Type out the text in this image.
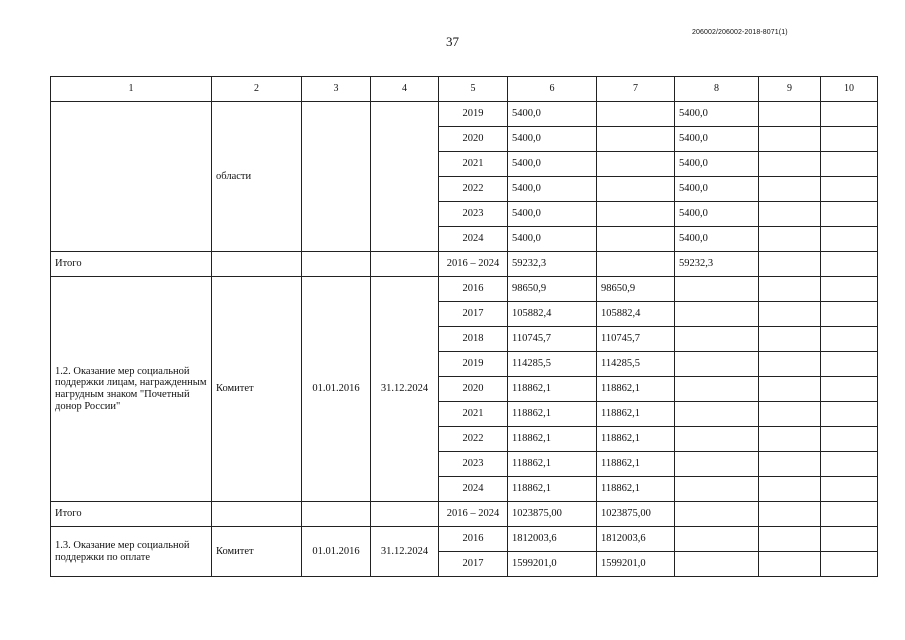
37
206002/206002-2018-8071(1)
1	2	3	4	5	6	7	8	9	10
	области			2019	5400,0		5400,0		
				2020	5400,0		5400,0		
				2021	5400,0		5400,0		
				2022	5400,0		5400,0		
				2023	5400,0		5400,0		
				2024	5400,0		5400,0		
Итого				2016 – 2024	59232,3		59232,3		
1.2. Оказание мер социальной поддержки лицам, награжденным нагрудным знаком "Почетный донор России"	Комитет	01.01.2016	31.12.2024	2016	98650,9	98650,9			
				2017	105882,4	105882,4			
				2018	110745,7	110745,7			
				2019	114285,5	114285,5			
				2020	118862,1	118862,1			
				2021	118862,1	118862,1			
				2022	118862,1	118862,1			
				2023	118862,1	118862,1			
				2024	118862,1	118862,1			
Итого				2016 – 2024	1023875,00	1023875,00			
1.3. Оказание мер социальной поддержки по оплате	Комитет	01.01.2016	31.12.2024	2016	1812003,6	1812003,6			
				2017	1599201,0	1599201,0			
